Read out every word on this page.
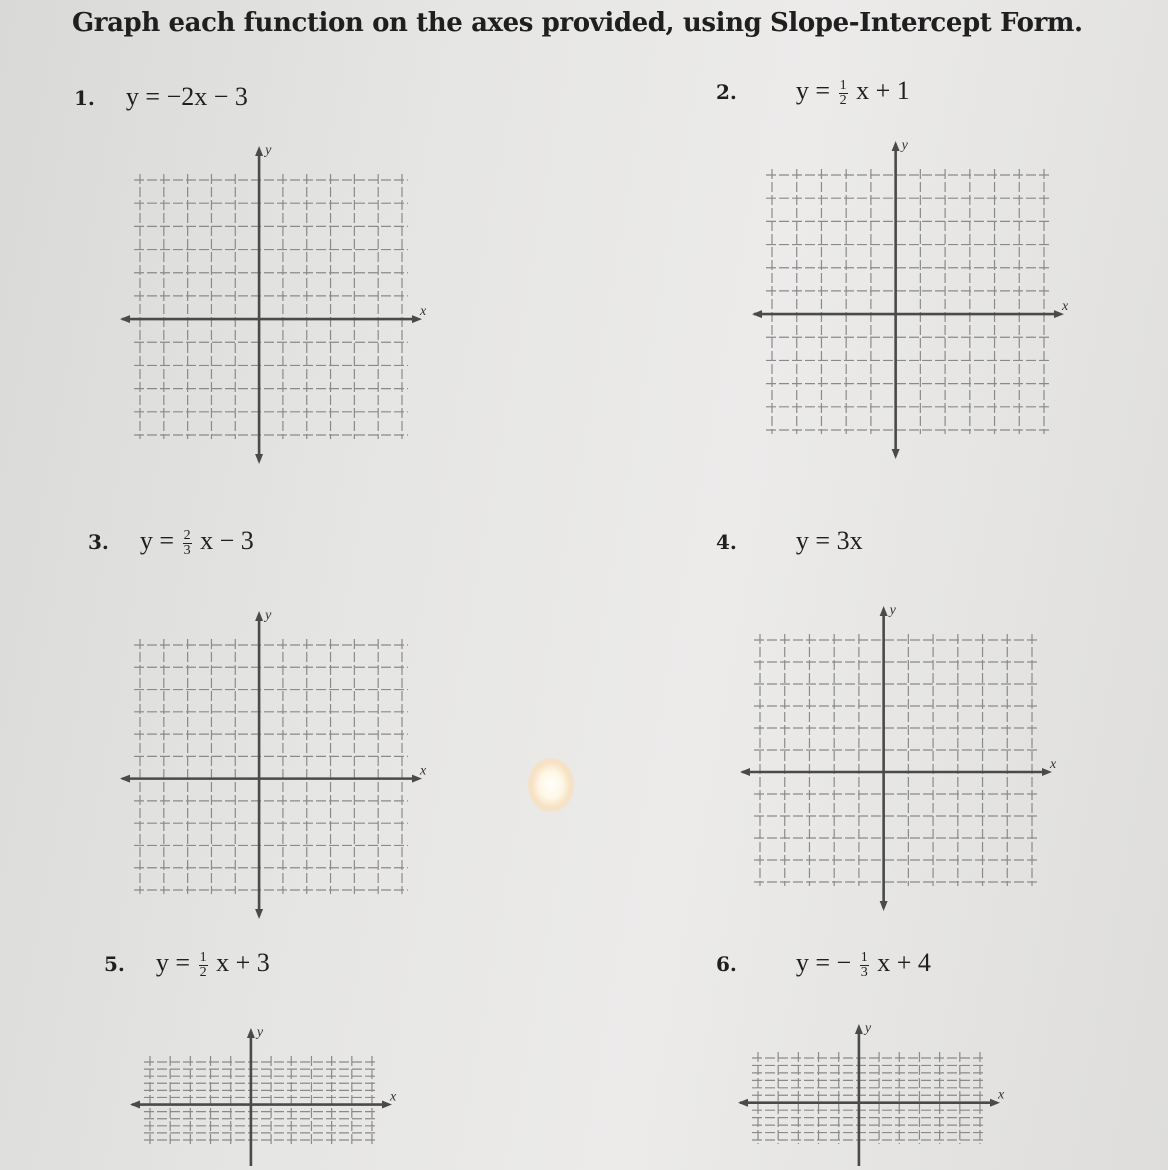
Graph each function on the axes provided, using Slope-Intercept Form.
1. y = −2x − 3	2. $y = \frac{1}{2}$ x + 1
3. $y = \frac{2}{3}$ x − 3	4. y = 3x
5. $y = \frac{1}{2}$ x + 3	6. y = − $\frac{1}{3}$ x + 4
x
y
x
y
x
y
x
y
x
y
x
y
